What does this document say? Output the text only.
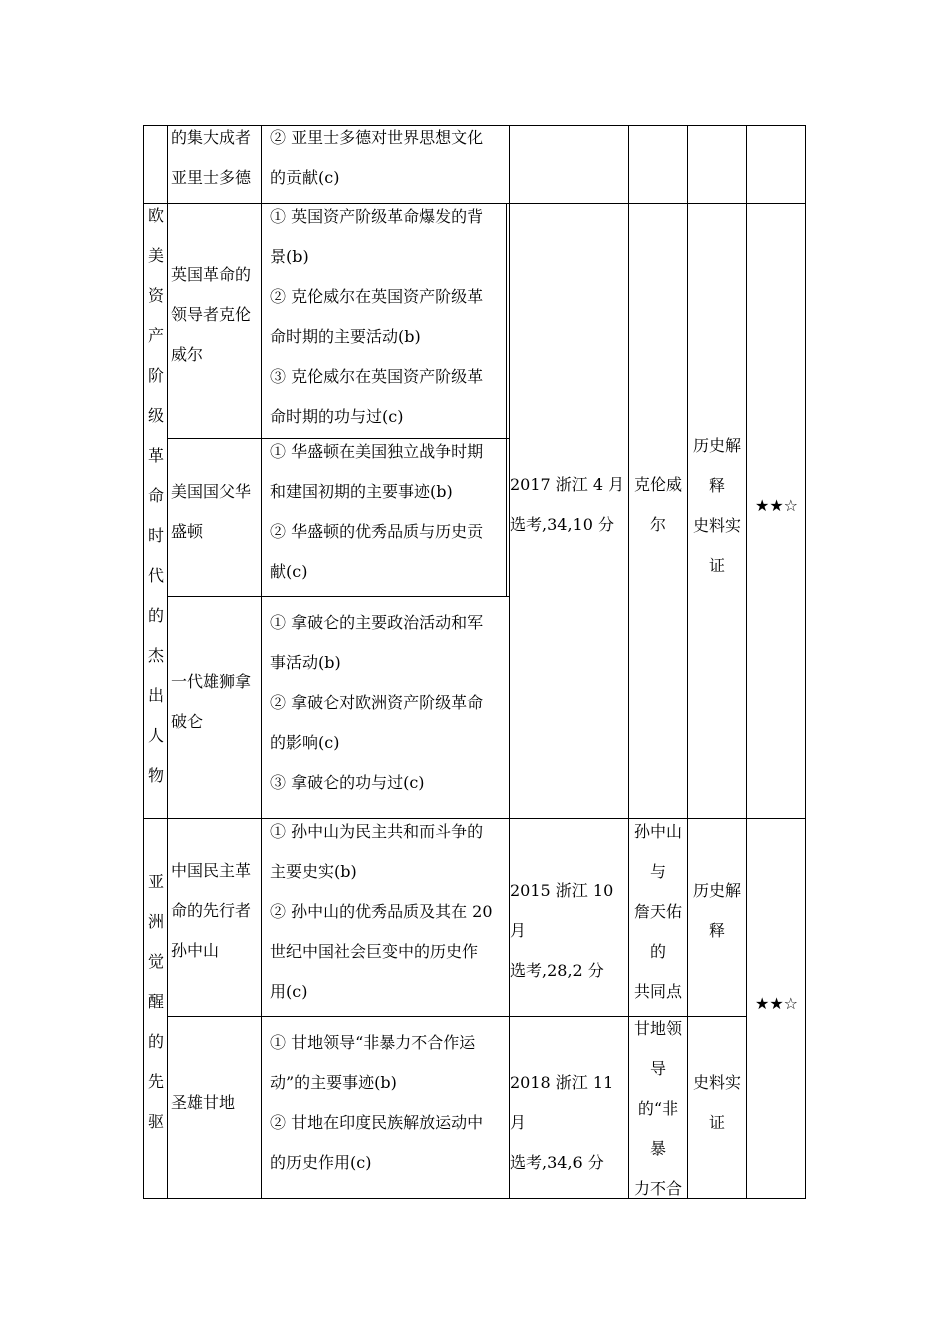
的集大成者
亚里士多德
② 亚里士多德对世界思想文化
的贡献(c)
欧
美
资
产
阶
级
革
命
时
代
的
杰
出
人
物
英国革命的
领导者克伦
威尔
① 英国资产阶级革命爆发的背
景(b)
② 克伦威尔在英国资产阶级革
命时期的主要活动(b)
③ 克伦威尔在英国资产阶级革
命时期的功与过(c)
美国国父华
盛顿
① 华盛顿在美国独立战争时期
和建国初期的主要事迹(b)
② 华盛顿的优秀品质与历史贡
献(c)
一代雄狮拿
破仑
① 拿破仑的主要政治活动和军
事活动(b)
② 拿破仑对欧洲资产阶级革命
的影响(c)
③ 拿破仑的功与过(c)
2017 浙江 4 月
选考,34,10 分
克伦威
尔
历史解
释
史料实
证
★★☆
亚
洲
觉
醒
的
先
驱
中国民主革
命的先行者
孙中山
① 孙中山为民主共和而斗争的
主要史实(b)
② 孙中山的优秀品质及其在 20
世纪中国社会巨变中的历史作
用(c)
2015 浙江 10 月
选考,28,2 分
孙中山
与
詹天佑
的
共同点
历史解
释
圣雄甘地
① 甘地领导“非暴力不合作运
动”的主要事迹(b)
② 甘地在印度民族解放运动中
的历史作用(c)
2018 浙江 11 月
选考,34,6 分
甘地领
导
的“非
暴
力不合
史料实
证
★★☆
